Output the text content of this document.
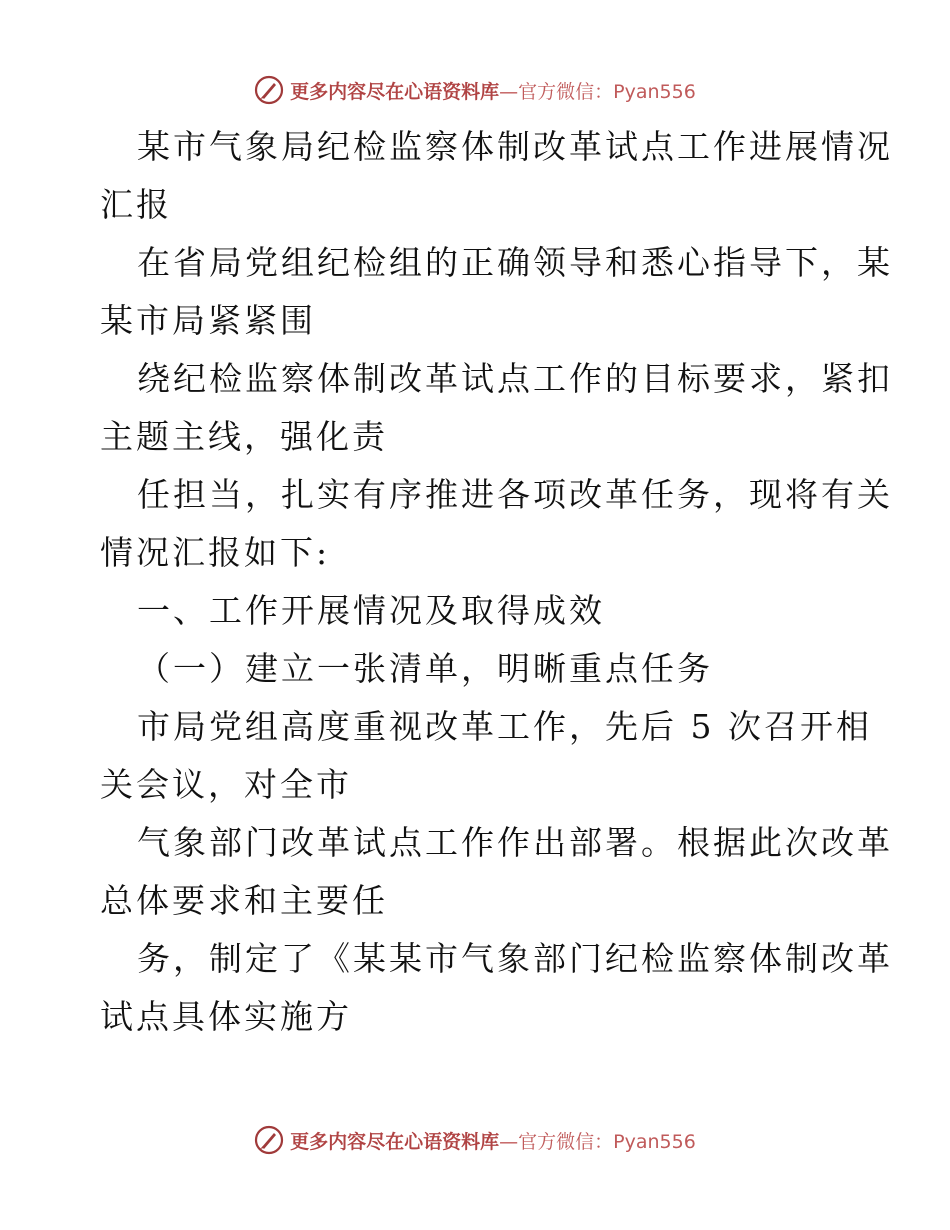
更多内容尽在心语资料库—官方微信：Pyan556
某市气象局纪检监察体制改革试点工作进展情况
汇报
在省局党组纪检组的正确领导和悉心指导下，某
某市局紧紧围
绕纪检监察体制改革试点工作的目标要求，紧扣
主题主线，强化责
任担当，扎实有序推进各项改革任务，现将有关
情况汇报如下:
一、工作开展情况及取得成效
（一）建立一张清单，明晰重点任务
市局党组高度重视改革工作，先后 5 次召开相
关会议，对全市
气象部门改革试点工作作出部署。根据此次改革
总体要求和主要任
务，制定了《某某市气象部门纪检监察体制改革
试点具体实施方
更多内容尽在心语资料库—官方微信：Pyan556
